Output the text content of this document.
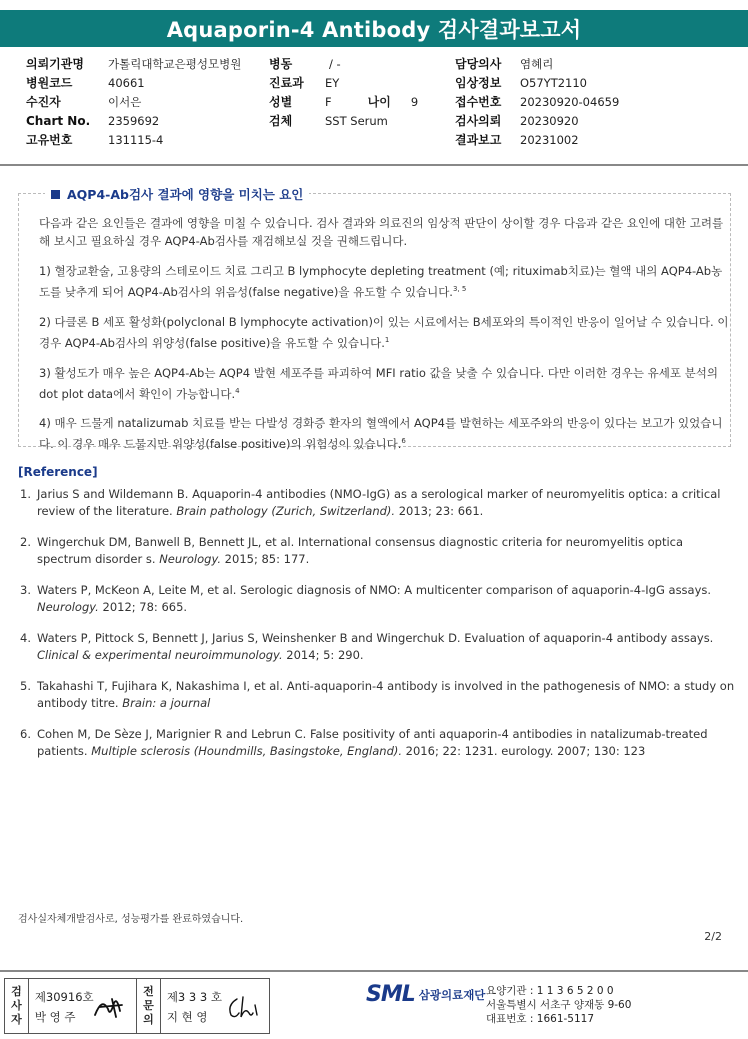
Aquaporin-4 Antibody 검사결과보고서
의뢰기관명	가톨릭대학교은평성모병원
병원코드	40661
수진자	이서은
Chart No.	2359692
고유번호	131115-4
병동	/ -
진료과	EY
성별	F	나이 9
검체	SST Serum
담당의사	염혜리
임상정보	O57YT2110
접수번호	20230920-04659
검사의뢰	20230920
결과보고	20231002
AQP4-Ab검사 결과에 영향을 미치는 요인

다음과 같은 요인들은 결과에 영향을 미칠 수 있습니다. 검사 결과와 의료진의 임상적 판단이 상이할 경우 다음과 같은 요인에 대한 고려를 해 보시고 필요하실 경우 AQP4-Ab검사를 재검해보실 것을 권해드립니다.

1) 혈장교환술, 고용량의 스테로이드 치료 그리고 B lymphocyte depleting treatment (예; rituximab치료)는 혈액 내의 AQP4-Ab농도를 낮추게 되어 AQP4-Ab검사의 위음성(false negative)을 유도할 수 있습니다.$^{3, 5}$

2) 다클론 B 세포 활성화(polyclonal B lymphocyte activation)이 있는 시료에서는 B세포와의 특이적인 반응이 일어날 수 있습니다. 이 경우 AQP4-Ab검사의 위양성(false positive)을 유도할 수 있습니다.$^1$

3) 활성도가 매우 높은 AQP4-Ab는 AQP4 발현 세포주를 파괴하여 MFI ratio 값을 낮출 수 있습니다. 다만 이러한 경우는 유세포 분석의 dot plot data에서 확인이 가능합니다.$^4$

4) 매우 드물게 natalizumab 치료를 받는 다발성 경화증 환자의 혈액에서 AQP4를 발현하는 세포주와의 반응이 있다는 보고가 있었습니다. 이 경우 매우 드물지만 위양성(false positive)의 위험성이 있습니다.$^6$

[Reference]
1. Jarius S and Wildemann B. Aquaporin-4 antibodies (NMO-IgG) as a serological marker of neuromyelitis optica: a critical review of the literature. Brain pathology (Zurich, Switzerland). 2013; 23: 661.
2. Wingerchuk DM, Banwell B, Bennett JL, et al. International consensus diagnostic criteria for neuromyelitis optica spectrum disorder s. Neurology. 2015; 85: 177.
3. Waters P, McKeon A, Leite M, et al. Serologic diagnosis of NMO: A multicenter comparison of aquaporin-4-IgG assays. Neurology. 2012; 78: 665.
4. Waters P, Pittock S, Bennett J, Jarius S, Weinshenker B and Wingerchuk D. Evaluation of aquaporin-4 antibody assays. Clinical & experimental neuroimmunology. 2014; 5: 290.
5. Takahashi T, Fujihara K, Nakashima I, et al. Anti-aquaporin-4 antibody is involved in the pathogenesis of NMO: a study on antibody titre. Brain: a journal
6. Cohen M, De Sèze J, Marignier R and Lebrun C. False positivity of anti aquaporin-4 antibodies in natalizumab-treated patients. Multiple sclerosis (Houndmills, Basingstoke, England). 2016; 22: 1231. eurology. 2007; 130: 123
검사실자체개발검사로, 성능평가를 완료하였습니다.
2/2
검
사
자
제30916호
박 영 주
전
문
의
제3 3 3 호
지 현 영
SML 삼광의료재단 요양기관 : 1 1 3 6 5 2 0 0
서울특별시 서초구 양재동 9-60
대표번호 : 1661-5117
